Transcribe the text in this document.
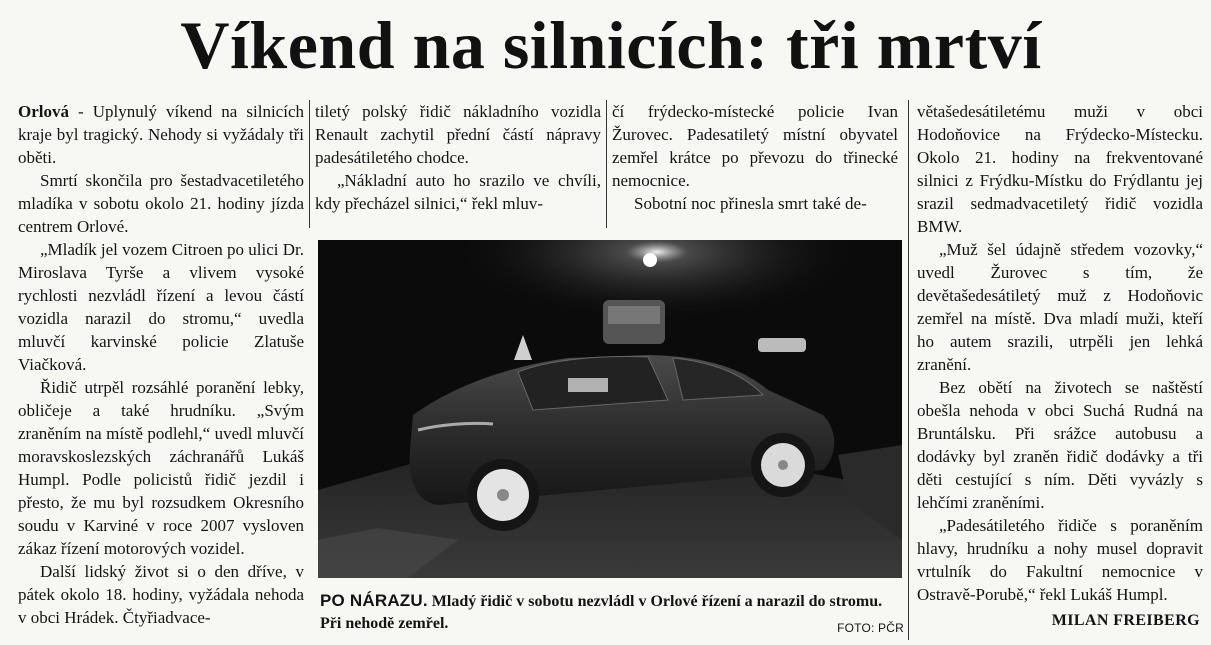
Víkend na silnicích: tři mrtví

Orlová - Uplynulý víkend na silnicích kraje byl tragický. Nehody si vyžádaly tři oběti.

Smrtí skončila pro šestadvacetiletého mladíka v sobotu okolo 21. hodiny jízda centrem Orlové.

„Mladík jel vozem Citroen po ulici Dr. Miroslava Tyrše a vlivem vysoké rychlosti nezvládl řízení a levou částí vozidla narazil do stromu,“ uvedla mluvčí karvinské policie Zlatuše Viačková.

Řidič utrpěl rozsáhlé poranění lebky, obličeje a také hrudníku. „Svým zraněním na místě podlehl,“ uvedl mluvčí moravskoslezských záchranářů Lukáš Humpl. Podle policistů řidič jezdil i přesto, že mu byl rozsudkem Okresního soudu v Karviné v roce 2007 vysloven zákaz řízení motorových vozidel.

Další lidský život si o den dříve, v pátek okolo 18. hodiny, vyžádala nehoda v obci Hrádek. Čtyřiadvace-

tiletý polský řidič nákladního vozidla Renault zachytil přední částí nápravy padesátiletého chodce.

„Nákladní auto ho srazilo ve chvíli, kdy přecházel silnici,“ řekl mluv-

čí frýdecko-místecké policie Ivan Žurovec. Padesatiletý místní obyvatel zemřel krátce po převozu do třinecké nemocnice.

Sobotní noc přinesla smrt také de-

větašedesátiletému muži v obci Hodoňovice na Frýdecko-Místecku. Okolo 21. hodiny na frekventované silnici z Frýdku-Místku do Frýdlantu jej srazil sedmadvacetiletý řidič vozidla BMW.

„Muž šel údajně středem vozovky,“ uvedl Žurovec s tím, že devětašedesátiletý muž z Hodoňovic zemřel na místě. Dva mladí muži, kteří ho autem srazili, utrpěli jen lehká zranění.

Bez obětí na životech se naštěstí obešla nehoda v obci Suchá Rudná na Bruntálsku. Při srážce autobusu a dodávky byl zraněn řidič dodávky a tři děti cestující s ním. Děti vyvázly s lehčími zraněními.

„Padesátiletého řidiče s poraněním hlavy, hrudníku a nohy musel dopravit vrtulník do Fakultní nemocnice v Ostravě-Porubě,“ řekl Lukáš Humpl.

PO NÁRAZU. Mladý řidič v sobotu nezvládl v Orlové řízení a narazil do stromu. Při nehodě zemřel.	FOTO: PČR	MILAN FREIBERG
